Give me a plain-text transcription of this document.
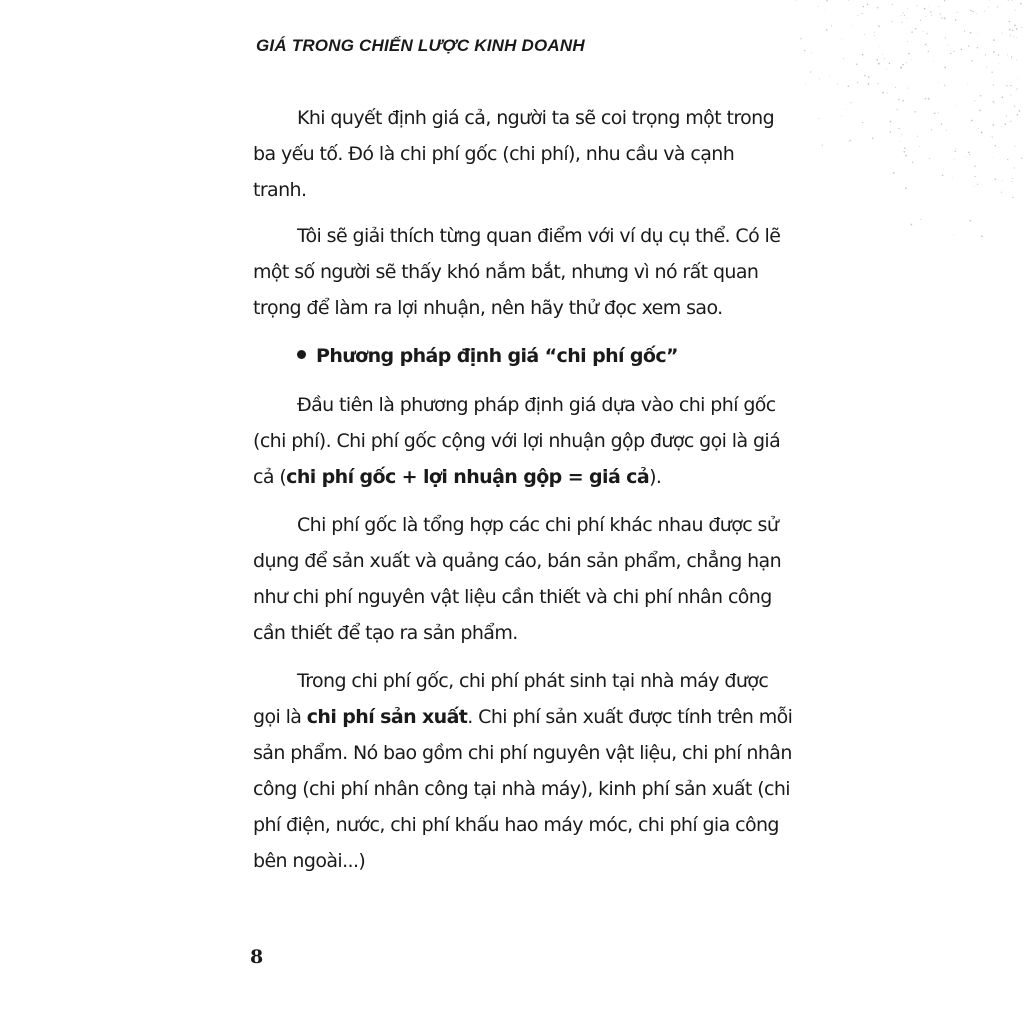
GIÁ TRONG CHIẾN LƯỢC KINH DOANH

Khi quyết định giá cả, người ta sẽ coi trọng một trong ba yếu tố. Đó là chi phí gốc (chi phí), nhu cầu và cạnh tranh.

Tôi sẽ giải thích từng quan điểm với ví dụ cụ thể. Có lẽ một số người sẽ thấy khó nắm bắt, nhưng vì nó rất quan trọng để làm ra lợi nhuận, nên hãy thử đọc xem sao.

Phương pháp định giá “chi phí gốc”

Đầu tiên là phương pháp định giá dựa vào chi phí gốc (chi phí). Chi phí gốc cộng với lợi nhuận gộp được gọi là giá cả (chi phí gốc + lợi nhuận gộp = giá cả).

Chi phí gốc là tổng hợp các chi phí khác nhau được sử dụng để sản xuất và quảng cáo, bán sản phẩm, chẳng hạn như chi phí nguyên vật liệu cần thiết và chi phí nhân công cần thiết để tạo ra sản phẩm.

Trong chi phí gốc, chi phí phát sinh tại nhà máy được gọi là chi phí sản xuất. Chi phí sản xuất được tính trên mỗi sản phẩm. Nó bao gồm chi phí nguyên vật liệu, chi phí nhân công (chi phí nhân công tại nhà máy), kinh phí sản xuất (chi phí điện, nước, chi phí khấu hao máy móc, chi phí gia công bên ngoài...)

8
